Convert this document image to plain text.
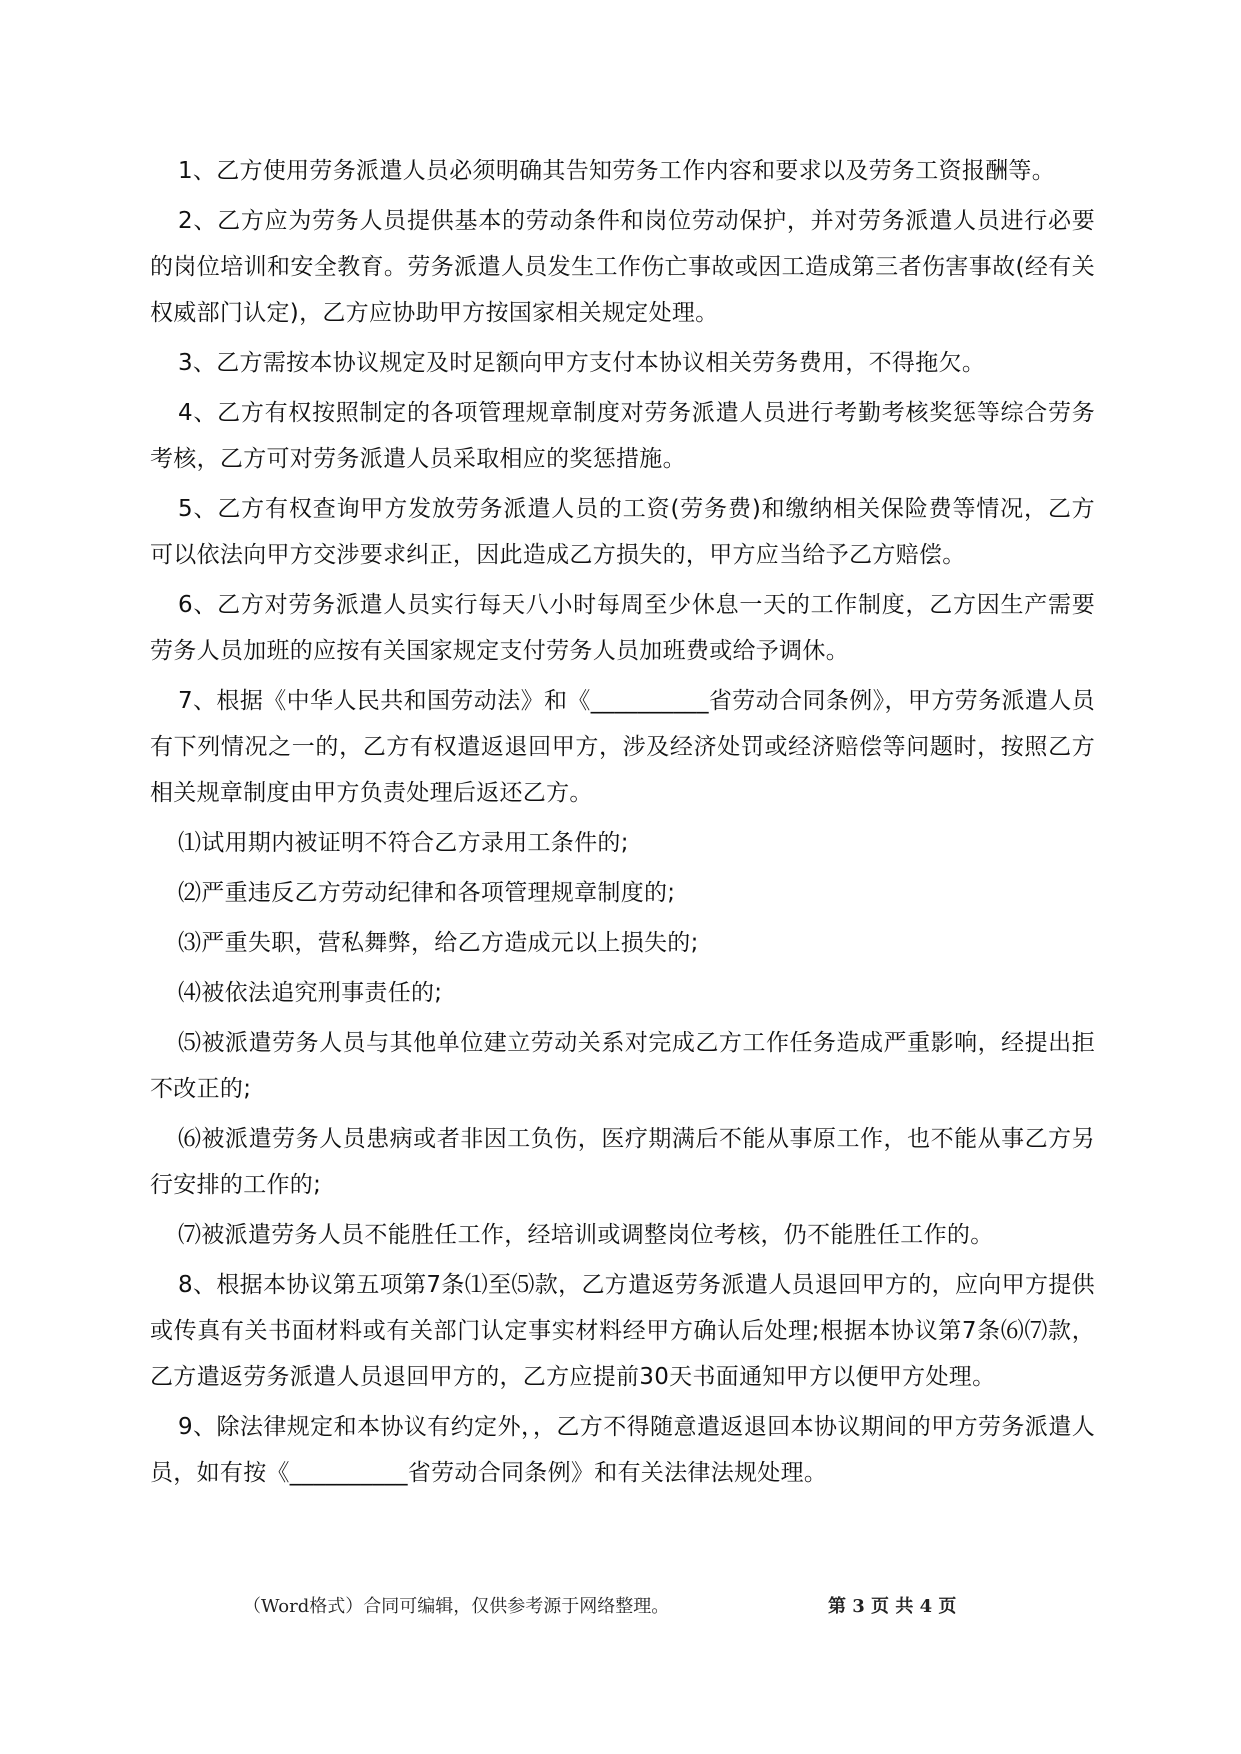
1、乙方使用劳务派遣人员必须明确其告知劳务工作内容和要求以及劳务工资报酬等。

2、乙方应为劳务人员提供基本的劳动条件和岗位劳动保护，并对劳务派遣人员进行必要的岗位培训和安全教育。劳务派遣人员发生工作伤亡事故或因工造成第三者伤害事故(经有关权威部门认定)，乙方应协助甲方按国家相关规定处理。

3、乙方需按本协议规定及时足额向甲方支付本协议相关劳务费用，不得拖欠。

4、乙方有权按照制定的各项管理规章制度对劳务派遣人员进行考勤考核奖惩等综合劳务考核，乙方可对劳务派遣人员采取相应的奖惩措施。

5、乙方有权查询甲方发放劳务派遣人员的工资(劳务费)和缴纳相关保险费等情况，乙方可以依法向甲方交涉要求纠正，因此造成乙方损失的，甲方应当给予乙方赔偿。

6、乙方对劳务派遣人员实行每天八小时每周至少休息一天的工作制度，乙方因生产需要劳务人员加班的应按有关国家规定支付劳务人员加班费或给予调休。

7、根据《中华人民共和国劳动法》和《__________省劳动合同条例》，甲方劳务派遣人员有下列情况之一的，乙方有权遣返退回甲方，涉及经济处罚或经济赔偿等问题时，按照乙方相关规章制度由甲方负责处理后返还乙方。

⑴试用期内被证明不符合乙方录用工条件的;

⑵严重违反乙方劳动纪律和各项管理规章制度的;

⑶严重失职，营私舞弊，给乙方造成元以上损失的;

⑷被依法追究刑事责任的;

⑸被派遣劳务人员与其他单位建立劳动关系对完成乙方工作任务造成严重影响，经提出拒不改正的;

⑹被派遣劳务人员患病或者非因工负伤，医疗期满后不能从事原工作，也不能从事乙方另行安排的工作的;

⑺被派遣劳务人员不能胜任工作，经培训或调整岗位考核，仍不能胜任工作的。

8、根据本协议第五项第7条⑴至⑸款，乙方遣返劳务派遣人员退回甲方的，应向甲方提供或传真有关书面材料或有关部门认定事实材料经甲方确认后处理;根据本协议第7条⑹⑺款，乙方遣返劳务派遣人员退回甲方的，乙方应提前30天书面通知甲方以便甲方处理。

9、除法律规定和本协议有约定外，，乙方不得随意遣返退回本协议期间的甲方劳务派遣人员，如有按《__________省劳动合同条例》和有关法律法规处理。

（Word格式）合同可编辑，仅供参考源于网络整理。	第 3 页 共 4 页
